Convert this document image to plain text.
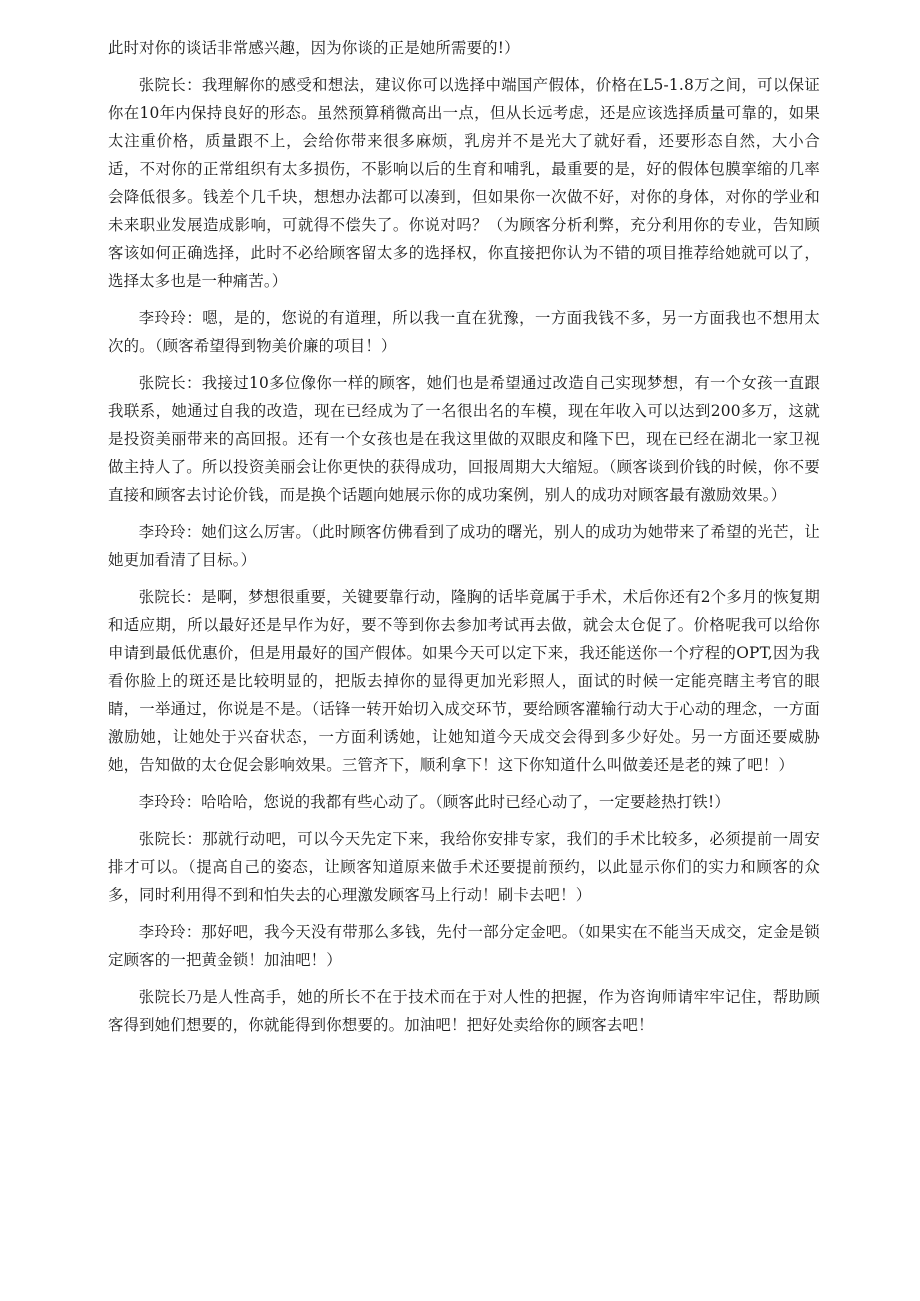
此时对你的谈话非常感兴趣，因为你谈的正是她所需要的!）

张院长：我理解你的感受和想法，建议你可以选择中端国产假体，价格在L5-1.8万之间，可以保证你在10年内保持良好的形态。虽然预算稍微高出一点，但从长远考虑，还是应该选择质量可靠的，如果太注重价格，质量跟不上，会给你带来很多麻烦，乳房并不是光大了就好看，还要形态自然，大小合适，不对你的正常组织有太多损伤，不影响以后的生育和哺乳，最重要的是，好的假体包膜挛缩的几率会降低很多。钱差个几千块，想想办法都可以凑到，但如果你一次做不好，对你的身体，对你的学业和未来职业发展造成影响，可就得不偿失了。你说对吗？（为顾客分析利弊，充分利用你的专业，告知顾客该如何正确选择，此时不必给顾客留太多的选择权，你直接把你认为不错的项目推荐给她就可以了，选择太多也是一种痛苦。）

李玲玲：嗯，是的，您说的有道理，所以我一直在犹豫，一方面我钱不多，另一方面我也不想用太次的。（顾客希望得到物美价廉的项目！）

张院长：我接过10多位像你一样的顾客，她们也是希望通过改造自己实现梦想，有一个女孩一直跟我联系，她通过自我的改造，现在已经成为了一名很出名的车模，现在年收入可以达到200多万，这就是投资美丽带来的高回报。还有一个女孩也是在我这里做的双眼皮和隆下巴，现在已经在湖北一家卫视做主持人了。所以投资美丽会让你更快的获得成功，回报周期大大缩短。（顾客谈到价钱的时候，你不要直接和顾客去讨论价钱，而是换个话题向她展示你的成功案例，别人的成功对顾客最有激励效果。）

李玲玲：她们这么厉害。（此时顾客仿佛看到了成功的曙光，别人的成功为她带来了希望的光芒，让她更加看清了目标。）

张院长：是啊，梦想很重要，关键要靠行动，隆胸的话毕竟属于手术，术后你还有2个多月的恢复期和适应期，所以最好还是早作为好，要不等到你去参加考试再去做，就会太仓促了。价格呢我可以给你申请到最低优惠价，但是用最好的国产假体。如果今天可以定下来，我还能送你一个疗程的OPT,因为我看你脸上的斑还是比较明显的，把版去掉你的显得更加光彩照人，面试的时候一定能亮瞎主考官的眼睛，一举通过，你说是不是。（话锋一转开始切入成交环节，要给顾客灌输行动大于心动的理念，一方面激励她，让她处于兴奋状态，一方面利诱她，让她知道今天成交会得到多少好处。另一方面还要威胁她，告知做的太仓促会影响效果。三管齐下，顺利拿下！这下你知道什么叫做姜还是老的辣了吧！）

李玲玲：哈哈哈，您说的我都有些心动了。（顾客此时已经心动了，一定要趁热打铁!）

张院长：那就行动吧，可以今天先定下来，我给你安排专家，我们的手术比较多，必须提前一周安排才可以。（提高自己的姿态，让顾客知道原来做手术还要提前预约，以此显示你们的实力和顾客的众多，同时利用得不到和怕失去的心理激发顾客马上行动！刷卡去吧！）

李玲玲：那好吧，我今天没有带那么多钱，先付一部分定金吧。（如果实在不能当天成交，定金是锁定顾客的一把黄金锁！加油吧！）

张院长乃是人性高手，她的所长不在于技术而在于对人性的把握，作为咨询师请牢牢记住，帮助顾客得到她们想要的，你就能得到你想要的。加油吧！把好处卖给你的顾客去吧！
